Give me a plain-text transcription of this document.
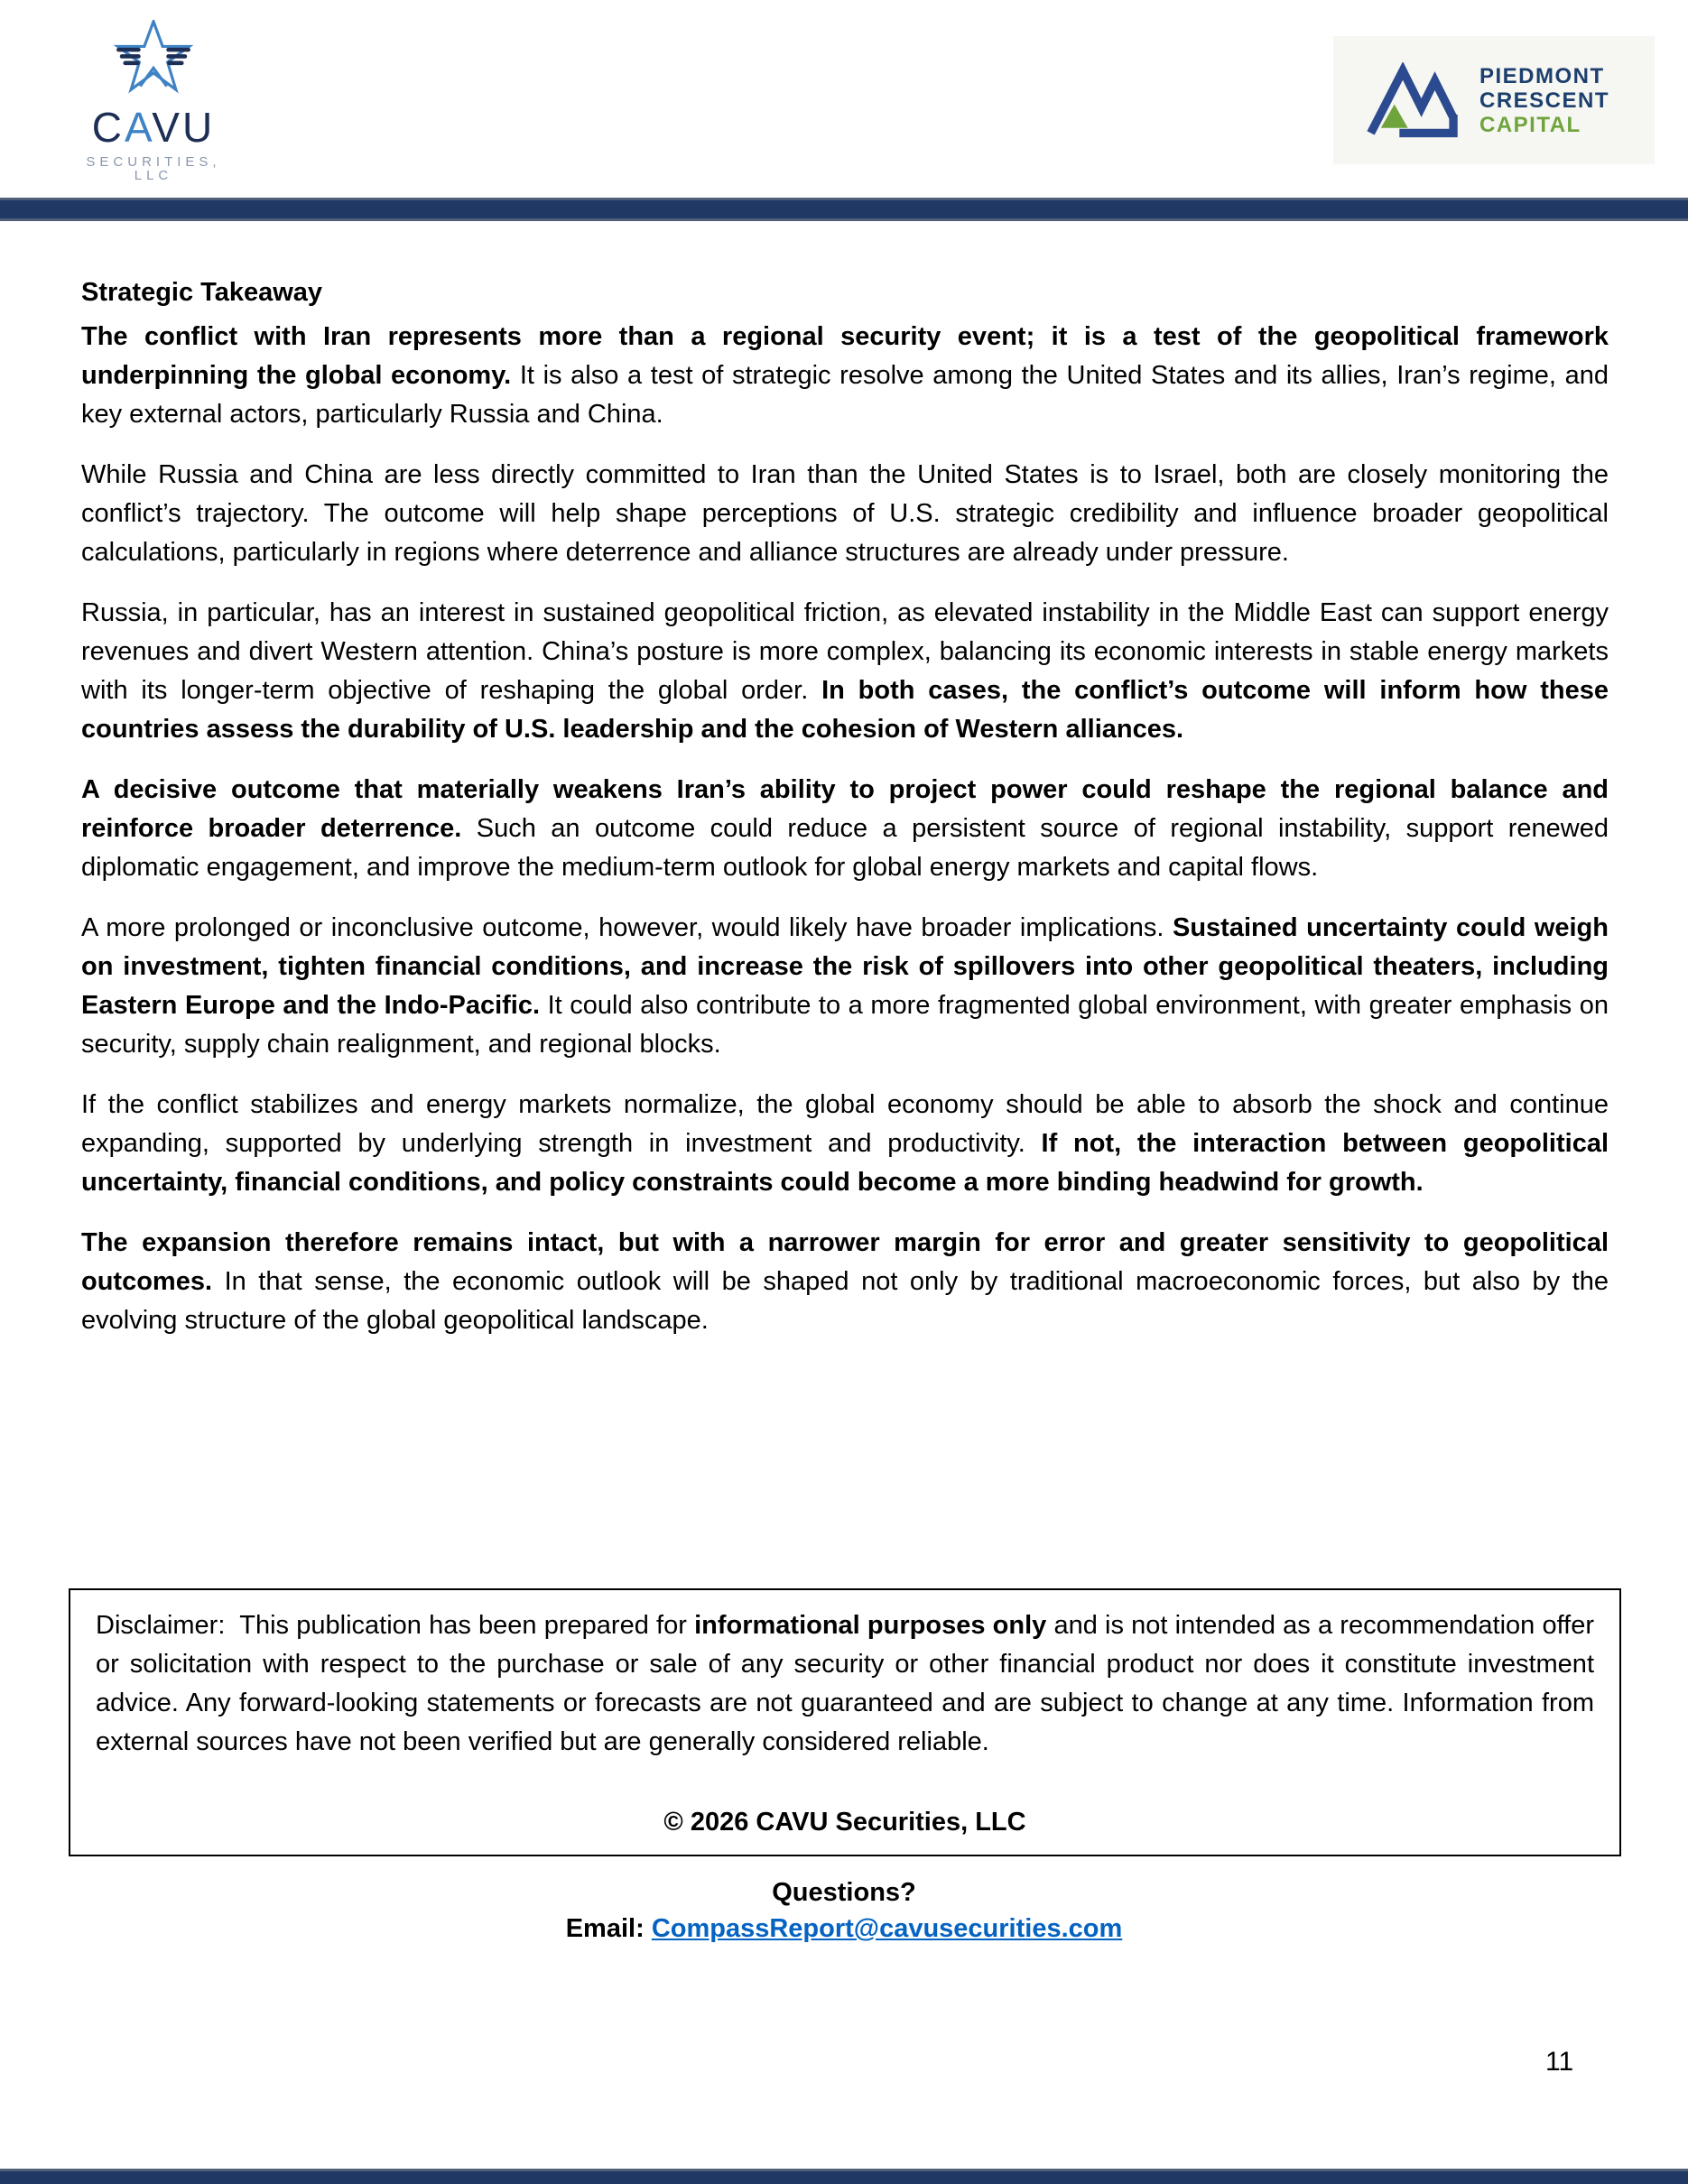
CAVU
SECURITIES, LLC
PIEDMONT
CRESCENT
CAPITAL
Strategic Takeaway

The conflict with Iran represents more than a regional security event; it is a test of the geopolitical framework underpinning the global economy. It is also a test of strategic resolve among the United States and its allies, Iran’s regime, and key external actors, particularly Russia and China.

While Russia and China are less directly committed to Iran than the United States is to Israel, both are closely monitoring the conflict’s trajectory. The outcome will help shape perceptions of U.S. strategic credibility and influence broader geopolitical calculations, particularly in regions where deterrence and alliance structures are already under pressure.

Russia, in particular, has an interest in sustained geopolitical friction, as elevated instability in the Middle East can support energy revenues and divert Western attention. China’s posture is more complex, balancing its economic interests in stable energy markets with its longer-term objective of reshaping the global order. In both cases, the conflict’s outcome will inform how these countries assess the durability of U.S. leadership and the cohesion of Western alliances.

A decisive outcome that materially weakens Iran’s ability to project power could reshape the regional balance and reinforce broader deterrence. Such an outcome could reduce a persistent source of regional instability, support renewed diplomatic engagement, and improve the medium-term outlook for global energy markets and capital flows.

A more prolonged or inconclusive outcome, however, would likely have broader implications. Sustained uncertainty could weigh on investment, tighten financial conditions, and increase the risk of spillovers into other geopolitical theaters, including Eastern Europe and the Indo-Pacific. It could also contribute to a more fragmented global environment, with greater emphasis on security, supply chain realignment, and regional blocks.

If the conflict stabilizes and energy markets normalize, the global economy should be able to absorb the shock and continue expanding, supported by underlying strength in investment and productivity. If not, the interaction between geopolitical uncertainty, financial conditions, and policy constraints could become a more binding headwind for growth.

The expansion therefore remains intact, but with a narrower margin for error and greater sensitivity to geopolitical outcomes. In that sense, the economic outlook will be shaped not only by traditional macroeconomic forces, but also by the evolving structure of the global geopolitical landscape.

Disclaimer:  This publication has been prepared for informational purposes only and is not intended as a recommendation offer or solicitation with respect to the purchase or sale of any security or other financial product nor does it constitute investment advice. Any forward-looking statements or forecasts are not guaranteed and are subject to change at any time. Information from external sources have not been verified but are generally considered reliable.

© 2026 CAVU Securities, LLC

Questions?
Email: CompassReport@cavusecurities.com
11
